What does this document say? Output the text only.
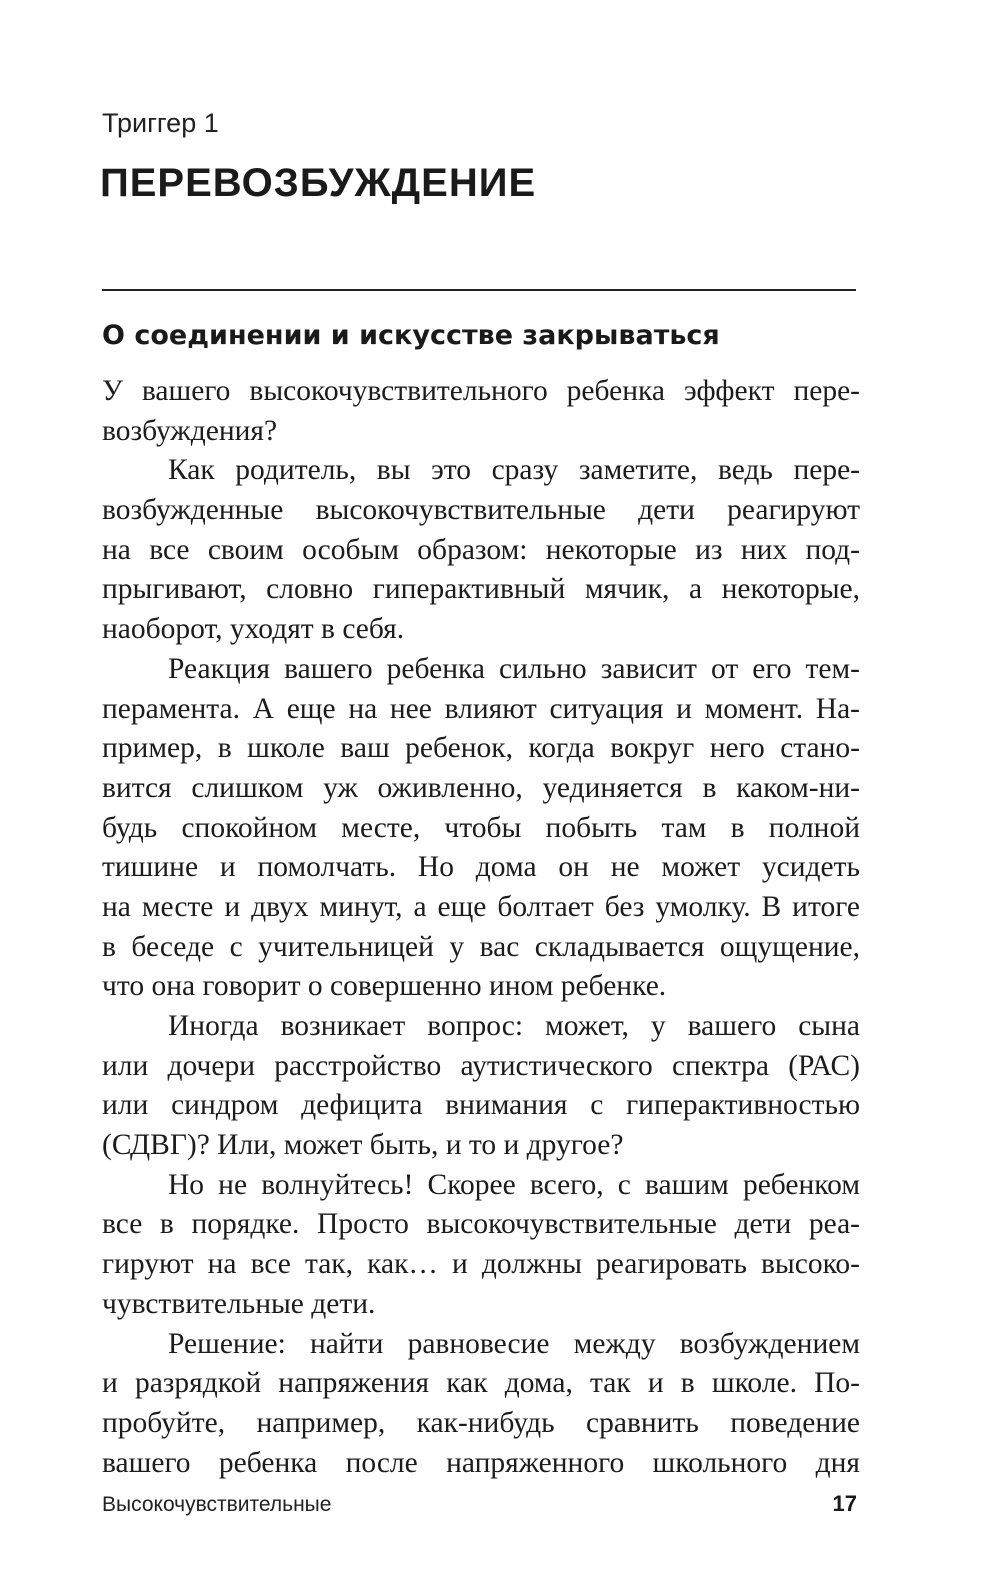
Триггер 1
ПЕРЕВОЗБУЖДЕНИЕ
О соединении и искусстве закрываться
У вашего высокочувствительного ребенка эффект пере-
возбуждения?
Как родитель, вы это сразу заметите, ведь пере-
возбужденные высокочувствительные дети реагируют
на все своим особым образом: некоторые из них под-
прыгивают, словно гиперактивный мячик, а некоторые,
наоборот, уходят в себя.
Реакция вашего ребенка сильно зависит от его тем-
перамента. А еще на нее влияют ситуация и момент. На-
пример, в школе ваш ребенок, когда вокруг него стано-
вится слишком уж оживленно, уединяется в каком-ни-
будь спокойном месте, чтобы побыть там в полной
тишине и помолчать. Но дома он не может усидеть
на месте и двух минут, а еще болтает без умолку. В итоге
в беседе с учительницей у вас складывается ощущение,
что она говорит о совершенно ином ребенке.
Иногда возникает вопрос: может, у вашего сына
или дочери расстройство аутистического спектра (РАС)
или синдром дефицита внимания с гиперактивностью
(СДВГ)? Или, может быть, и то и другое?
Но не волнуйтесь! Скорее всего, с вашим ребенком
все в порядке. Просто высокочувствительные дети реа-
гируют на все так, как… и должны реагировать высоко-
чувствительные дети.
Решение: найти равновесие между возбуждением
и разрядкой напряжения как дома, так и в школе. По-
пробуйте, например, как-нибудь сравнить поведение
вашего ребенка после напряженного школьного дня
Высокочувствительные	17
